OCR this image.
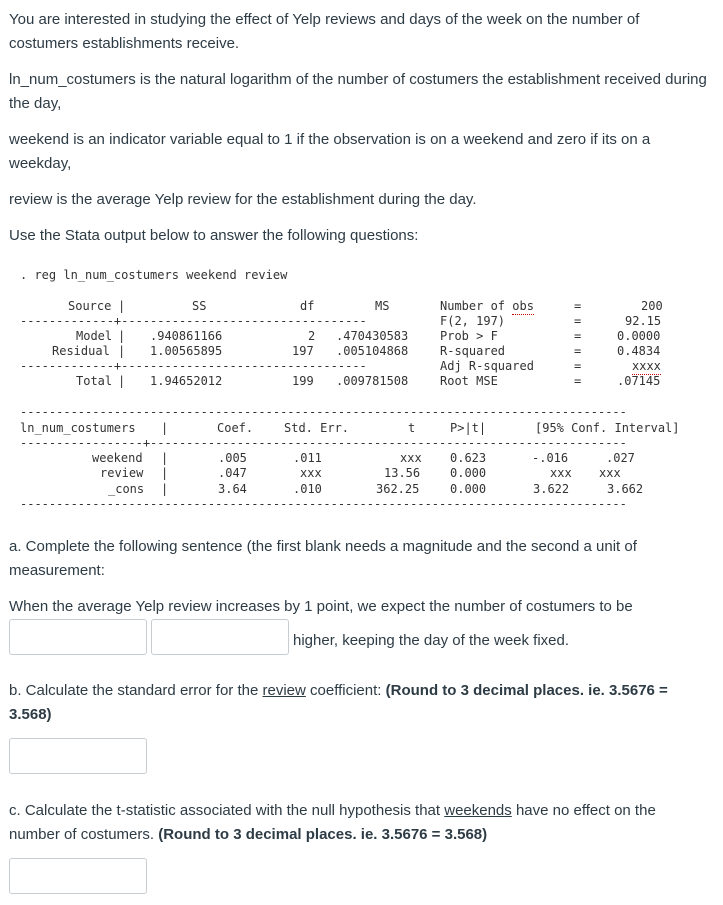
You are interested in studying the effect of Yelp reviews and days of the week on the number of costumers establishments receive.

ln_num_costumers is the natural logarithm of the number of costumers the establishment received during the day,

weekend is an indicator variable equal to 1 if the observation is on a weekend and zero if its on a weekday,

review is the average Yelp review for the establishment during the day.

Use the Stata output below to answer the following questions:

. reg ln_num_costumers weekend review
Source |	SS	df	MS
-------------+----------------------------------
Model | .940861166	2 .470430583
Residual | 1.00565895	197 .005104868
-------------+----------------------------------
Total | 1.94652012	199 .009781508
Number of obs	=	200
F(2, 197)	=	92.15
Prob > F	=	0.0000
R-squared	=	0.4834
Adj R-squared	=	xxxx
Root MSE	=	.07145
------------------------------------------------------------------------------------
ln_num_costumers |	Coef.	Std. Err.	t	P>|t|	[95% Conf. Interval]
-----------------+------------------------------------------------------------------
weekend |	.005	.011	xxx 0.623	-.016	.027
review |	.047	xxx	13.56 0.000	xxx xxx
_cons |	3.64	.010	362.25	0.000	3.622	3.662
------------------------------------------------------------------------------------

a. Complete the following sentence (the first blank needs a magnitude and the second a unit of measurement:

When the average Yelp review increases by 1 point, we expect the number of costumers to be

higher, keeping the day of the week fixed.

b. Calculate the standard error for the review coefficient: (Round to 3 decimal places. ie. 3.5676 = 3.568)

c. Calculate the t-statistic associated with the null hypothesis that weekends have no effect on the number of costumers. (Round to 3 decimal places. ie. 3.5676 = 3.568)
